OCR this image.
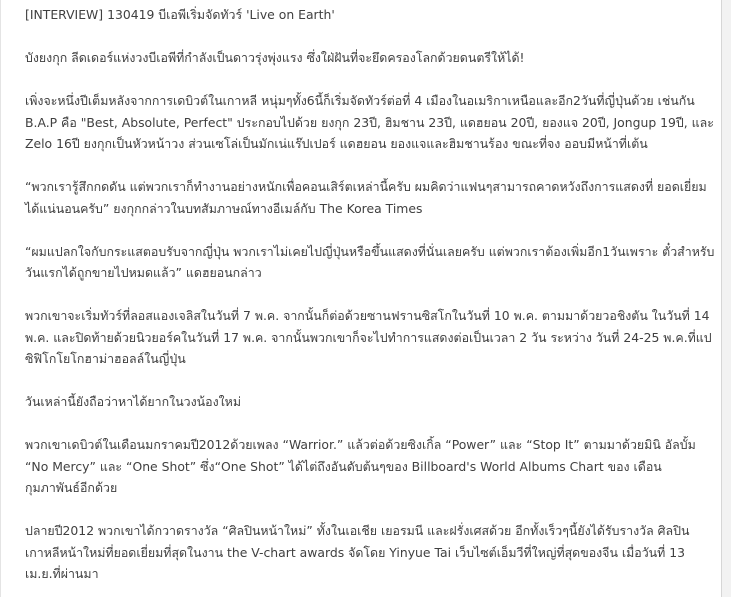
[INTERVIEW] 130419 บีเอพีเริ่มจัดทัวร์ 'Live on Earth'

บังยงกุก ลีดเดอร์แห่งวงบีเอพีที่กำลังเป็นดาวรุ่งพุ่งแรง ซึ่งใฝ่ฝันที่จะยึดครองโลกด้วยดนตรีให้ได้!

เพิ่งจะหนึ่งปีเต็มหลังจากการเดบิวต์ในเกาหลี หนุ่มๆทั้ง6นี้ก็เริ่มจัดทัวร์ต่อที่ 4 เมืองในอเมริกาเหนือและอีก2วันที่ญี่ปุ่นด้วย เช่นกัน B.A.P คือ "Best, Absolute, Perfect" ประกอบไปด้วย ยงกุก 23ปี, ฮิมชาน 23ปี, แดฮยอน 20ปี, ยองแจ 20ปี, Jongup 19ปี, และ Zelo 16ปี ยงกุกเป็นหัวหน้าวง ส่วนเซโล่เป็นมักเน่แร๊ปเปอร์ แดฮยอน ยองแจและฮิมชานร้อง ขณะที่จง ออบมีหน้าที่เต้น

“พวกเรารู้สึกกดดัน แต่พวกเราก็ทำงานอย่างหนักเพื่อคอนเสิร์ตเหล่านี้ครับ ผมคิดว่าแฟนๆสามารถคาดหวังถึงการแสดงที่ ยอดเยี่ยมได้แน่นอนครับ” ยงกุกกล่าวในบทสัมภาษณ์ทางอีเมล์กับ The Korea Times

“ผมแปลกใจกับกระแสตอบรับจากญี่ปุ่น พวกเราไม่เคยไปญี่ปุ่นหรือขึ้นแสดงที่นั่นเลยครับ แต่พวกเราต้องเพิ่มอีก1วันเพราะ ตั๋วสำหรับวันแรกได้ถูกขายไปหมดแล้ว” แดฮยอนกล่าว

พวกเขาจะเริ่มทัวร์ที่ลอสแองเจลิสในวันที่ 7 พ.ค. จากนั้นก็ต่อด้วยซานฟรานซิสโกในวันที่ 10 พ.ค. ตามมาด้วยวอชิงตัน ในวันที่ 14 พ.ค. และปิดท้ายด้วยนิวยอร์คในวันที่ 17 พ.ค. จากนั้นพวกเขาก็จะไปทำการแสดงต่อเป็นเวลา 2 วัน ระหว่าง วันที่ 24-25 พ.ค.ที่แปซิฟิโกโยโกฮาม่าฮอลล์ในญี่ปุ่น

วันเหล่านี้ยังถือว่าหาได้ยากในวงน้องใหม่

พวกเขาเดบิวต์ในเดือนมกราคมปี2012ด้วยเพลง “Warrior.” แล้วต่อด้วยซิงเกิ้ล “Power” และ “Stop It” ตามมาด้วยมินิ อัลบั้ม “No Mercy” และ “One Shot” ซึ่ง“One Shot” ได้ไต่ถึงอันดับต้นๆของ Billboard's World Albums Chart ของ เดือนกุมภาพันธ์อีกด้วย

ปลายปี2012 พวกเขาได้กวาดรางวัล “ศิลปินหน้าใหม่” ทั้งในเอเชีย เยอรมนี และฝรั่งเศสด้วย อีกทั้งเร็วๆนี้ยังได้รับรางวัล ศิลปินเกาหลีหน้าใหม่ที่ยอดเยี่ยมที่สุดในงาน the V-chart awards จัดโดย Yinyue Tai เว็บไซต์เอ็มวีที่ใหญ่ที่สุดของจีน เมื่อวันที่ 13 เม.ย.ที่ผ่านมา
